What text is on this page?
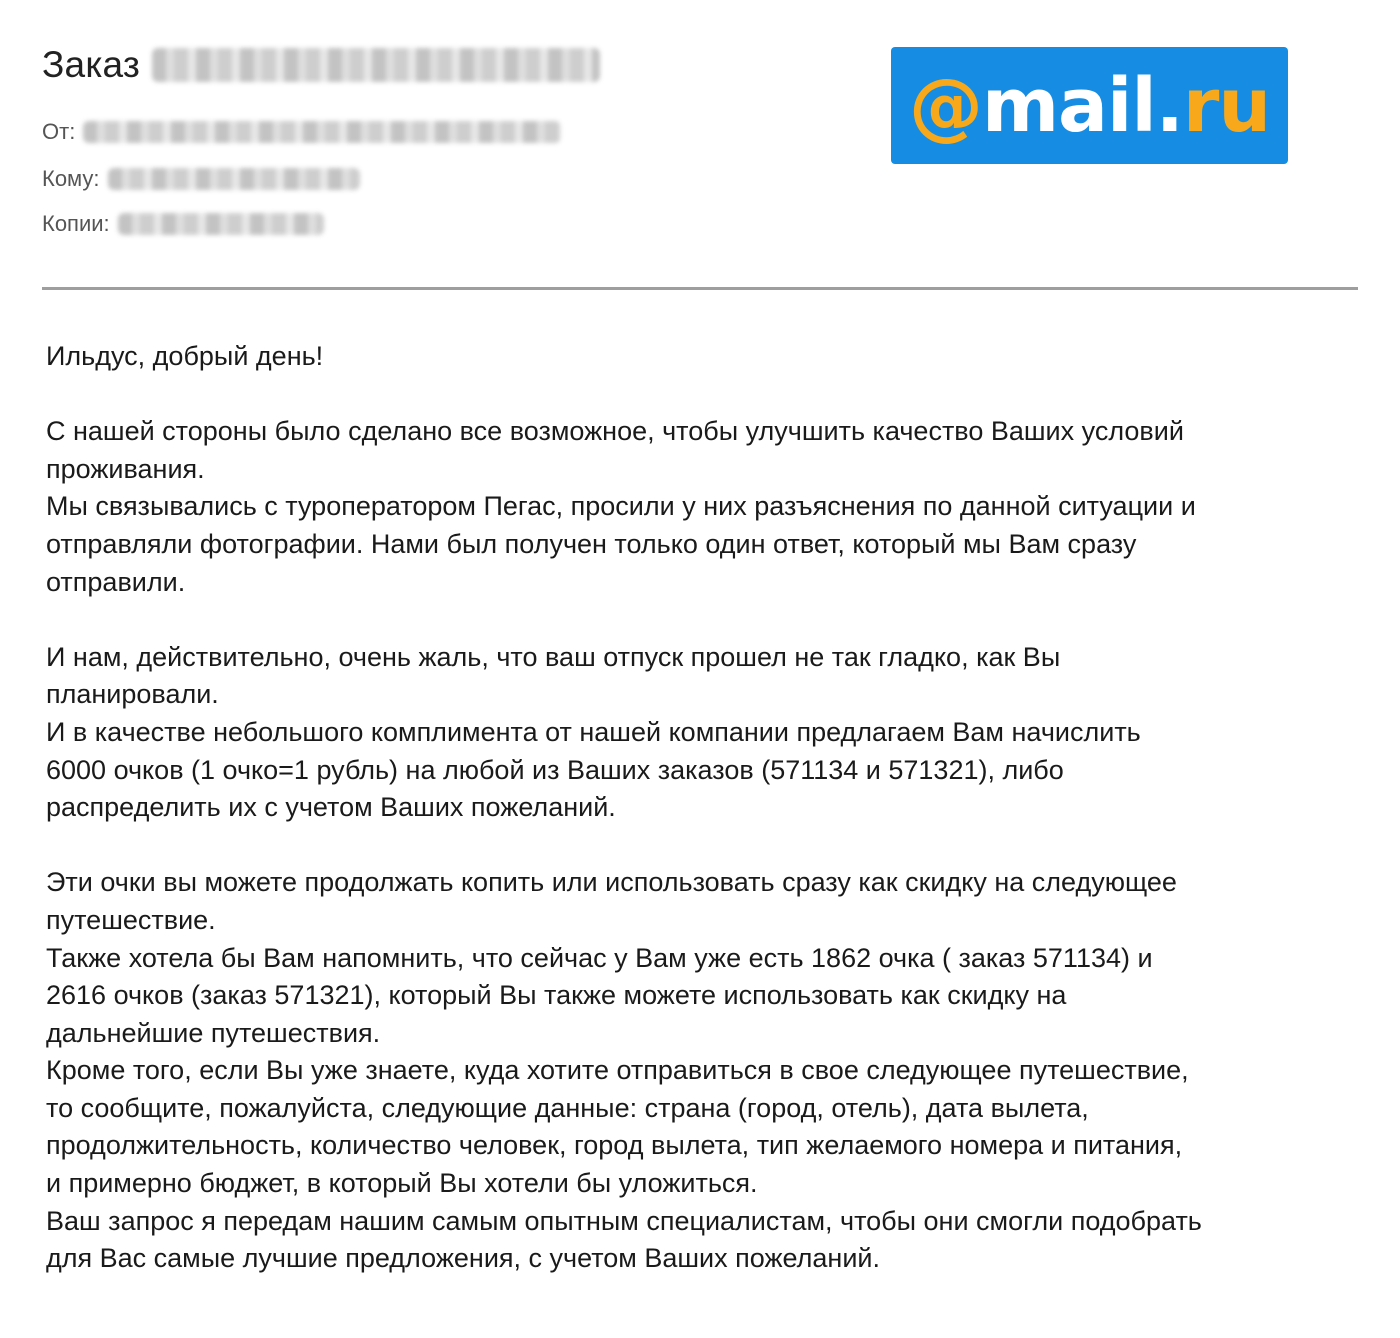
Заказ
От:
Кому:
Копии:
@ mail . ru
Ильдус, добрый день!
С нашей стороны было сделано все возможное, чтобы улучшить качество Ваших условий
проживания.
Мы связывались с туроператором Пегас, просили у них разъяснения по данной ситуации и
отправляли фотографии. Нами был получен только один ответ, который мы Вам сразу
отправили.
И нам, действительно, очень жаль, что ваш отпуск прошел не так гладко, как Вы
планировали.
И в качестве небольшого комплимента от нашей компании предлагаем Вам начислить
6000 очков (1 очко=1 рубль) на любой из Ваших заказов (571134 и 571321), либо
распределить их с учетом Ваших пожеланий.
Эти очки вы можете продолжать копить или использовать сразу как скидку на следующее
путешествие.
Также хотела бы Вам напомнить, что сейчас у Вам уже есть 1862 очка ( заказ 571134) и
2616 очков (заказ 571321), который Вы также можете использовать как скидку на
дальнейшие путешествия.
Кроме того, если Вы уже знаете, куда хотите отправиться в свое следующее путешествие,
то сообщите, пожалуйста, следующие данные: страна (город, отель), дата вылета,
продолжительность, количество человек, город вылета, тип желаемого номера и питания,
и примерно бюджет, в который Вы хотели бы уложиться.
Ваш запрос я передам нашим самым опытным специалистам, чтобы они смогли подобрать
для Вас самые лучшие предложения, с учетом Ваших пожеланий.
